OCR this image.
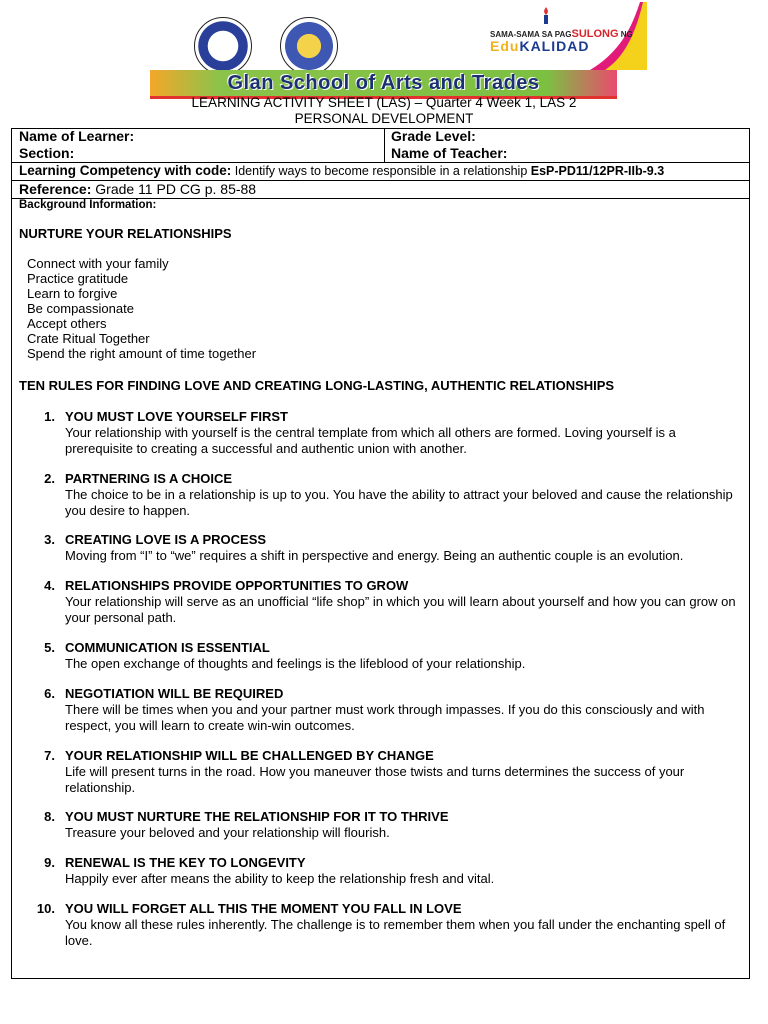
SAMA-SAMA SA PAGSULONG NG
EduKALIDAD
Glan School of Arts and Trades
LEARNING ACTIVITY SHEET (LAS) – Quarter 4 Week 1, LAS 2
PERSONAL DEVELOPMENT
Name of Learner:
Section:
Grade Level:
Name of Teacher:
Learning Competency with code: Identify ways to become responsible in a relationship EsP-PD11/12PR-IIb-9.3
Reference: Grade 11 PD CG p. 85-88
Background Information:
NURTURE YOUR RELATIONSHIPS
Connect with your family
Practice gratitude
Learn to forgive
Be compassionate
Accept others
Crate Ritual Together
Spend the right amount of time together
TEN RULES FOR FINDING LOVE AND CREATING LONG-LASTING, AUTHENTIC RELATIONSHIPS
1. YOU MUST LOVE YOURSELF FIRST
Your relationship with yourself is the central template from which all others are formed. Loving yourself is a prerequisite to creating a successful and authentic union with another.
2. PARTNERING IS A CHOICE
The choice to be in a relationship is up to you. You have the ability to attract your beloved and cause the relationship you desire to happen.
3. CREATING LOVE IS A PROCESS
Moving from “I” to “we” requires a shift in perspective and energy. Being an authentic couple is an evolution.
4. RELATIONSHIPS PROVIDE OPPORTUNITIES TO GROW
Your relationship will serve as an unofficial “life shop” in which you will learn about yourself and how you can grow on your personal path.
5. COMMUNICATION IS ESSENTIAL
The open exchange of thoughts and feelings is the lifeblood of your relationship.
6. NEGOTIATION WILL BE REQUIRED
There will be times when you and your partner must work through impasses. If you do this consciously and with respect, you will learn to create win-win outcomes.
7. YOUR RELATIONSHIP WILL BE CHALLENGED BY CHANGE
Life will present turns in the road. How you maneuver those twists and turns determines the success of your relationship.
8. YOU MUST NURTURE THE RELATIONSHIP FOR IT TO THRIVE
Treasure your beloved and your relationship will flourish.
9. RENEWAL IS THE KEY TO LONGEVITY
Happily ever after means the ability to keep the relationship fresh and vital.
10. YOU WILL FORGET ALL THIS THE MOMENT YOU FALL IN LOVE
You know all these rules inherently. The challenge is to remember them when you fall under the enchanting spell of love.
